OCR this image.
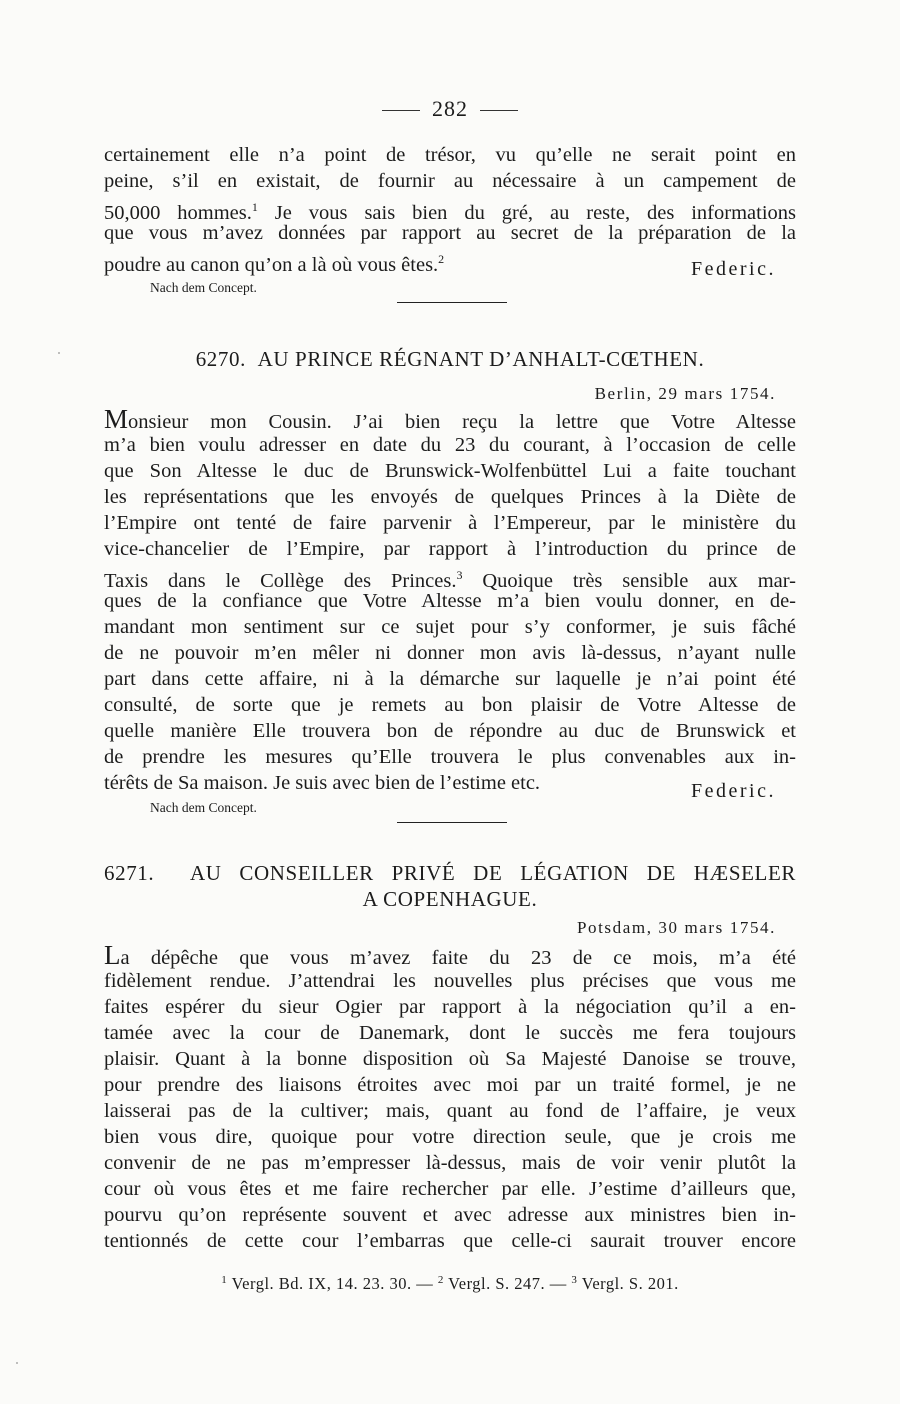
282
certainement elle n’a point de trésor, vu qu’elle ne serait point en
peine, s’il en existait, de fournir au nécessaire à un campement de
50,000 hommes.$^1$ Je vous sais bien du gré, au reste, des informations
que vous m’avez données par rapport au secret de la préparation de la
poudre au canon qu’on a là où vous êtes.$^2$	Federic.
Nach dem Concept.
6270. AU PRINCE RÉGNANT D’ANHALT-CŒTHEN.
Berlin, 29 mars 1754.
Monsieur mon Cousin. J’ai bien reçu la lettre que Votre Altesse
m’a bien voulu adresser en date du 23 du courant, à l’occasion de celle
que Son Altesse le duc de Brunswick-Wolfenbüttel Lui a faite touchant
les représentations que les envoyés de quelques Princes à la Diète de
l’Empire ont tenté de faire parvenir à l’Empereur, par le ministère du
vice-chancelier de l’Empire, par rapport à l’introduction du prince de
Taxis dans le Collège des Princes.$^3$ Quoique très sensible aux mar-
ques de la confiance que Votre Altesse m’a bien voulu donner, en de-
mandant mon sentiment sur ce sujet pour s’y conformer, je suis fâché
de ne pouvoir m’en mêler ni donner mon avis là-dessus, n’ayant nulle
part dans cette affaire, ni à la démarche sur laquelle je n’ai point été
consulté, de sorte que je remets au bon plaisir de Votre Altesse de
quelle manière Elle trouvera bon de répondre au duc de Brunswick et
de prendre les mesures qu’Elle trouvera le plus convenables aux in-
térêts de Sa maison. Je suis avec bien de l’estime etc.	Federic.
Nach dem Concept.
6271. AU CONSEILLER PRIVÉ DE LÉGATION DE HÆSELER
A COPENHAGUE.
Potsdam, 30 mars 1754.
La dépêche que vous m’avez faite du 23 de ce mois, m’a été
fidèlement rendue. J’attendrai les nouvelles plus précises que vous me
faites espérer du sieur Ogier par rapport à la négociation qu’il a en-
tamée avec la cour de Danemark, dont le succès me fera toujours
plaisir. Quant à la bonne disposition où Sa Majesté Danoise se trouve,
pour prendre des liaisons étroites avec moi par un traité formel, je ne
laisserai pas de la cultiver; mais, quant au fond de l’affaire, je veux
bien vous dire, quoique pour votre direction seule, que je crois me
convenir de ne pas m’empresser là-dessus, mais de voir venir plutôt la
cour où vous êtes et me faire rechercher par elle. J’estime d’ailleurs que,
pourvu qu’on représente souvent et avec adresse aux ministres bien in-
tentionnés de cette cour l’embarras que celle-ci saurait trouver encore
$^1$ Vergl. Bd. IX, 14. 23. 30. — $^2$ Vergl. S. 247. — $^3$ Vergl. S. 201.
